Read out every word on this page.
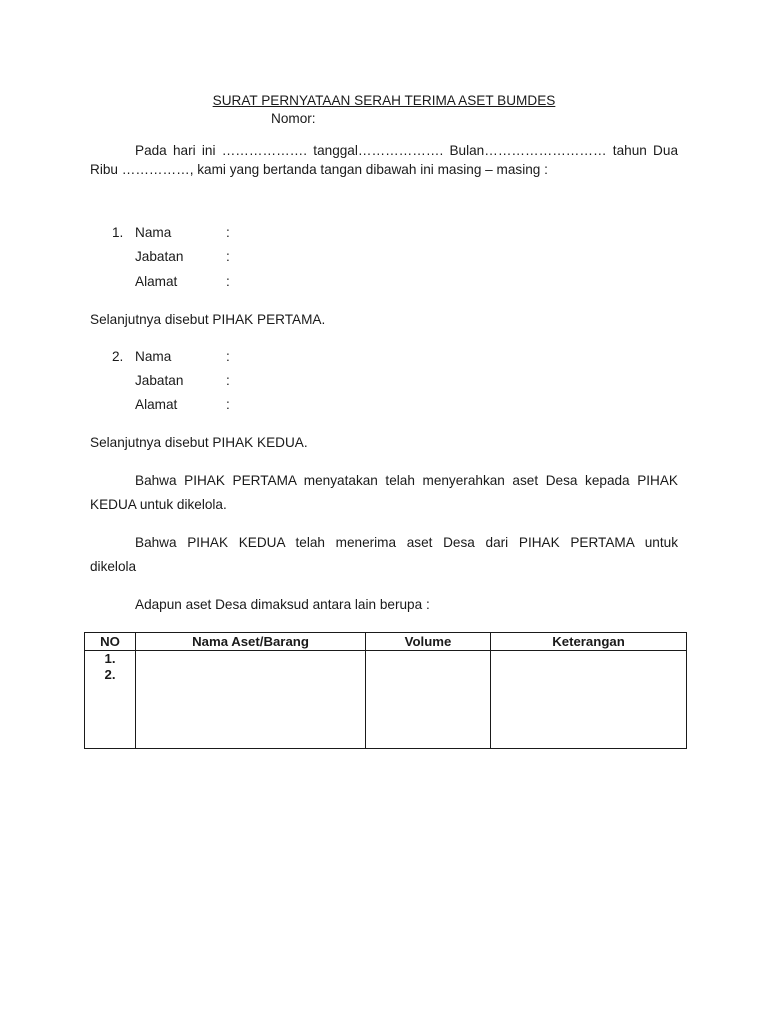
SURAT PERNYATAAN SERAH TERIMA ASET BUMDES
Nomor:
Pada hari ini ………………. tanggal………………. Bulan……………………… tahun Dua
Ribu ……………, kami yang bertanda tangan dibawah ini masing – masing :
1. Nama	:
Jabatan	:
Alamat	:
Selanjutnya disebut PIHAK PERTAMA.
2. Nama	:
Jabatan	:
Alamat	:
Selanjutnya disebut PIHAK KEDUA.
Bahwa PIHAK PERTAMA menyatakan telah menyerahkan aset Desa kepada PIHAK
KEDUA untuk dikelola.
Bahwa PIHAK KEDUA telah menerima aset Desa dari PIHAK PERTAMA untuk
dikelola
Adapun aset Desa dimaksud antara lain berupa :
NO	Nama Aset/Barang	Volume	Keterangan

1.
2.			
